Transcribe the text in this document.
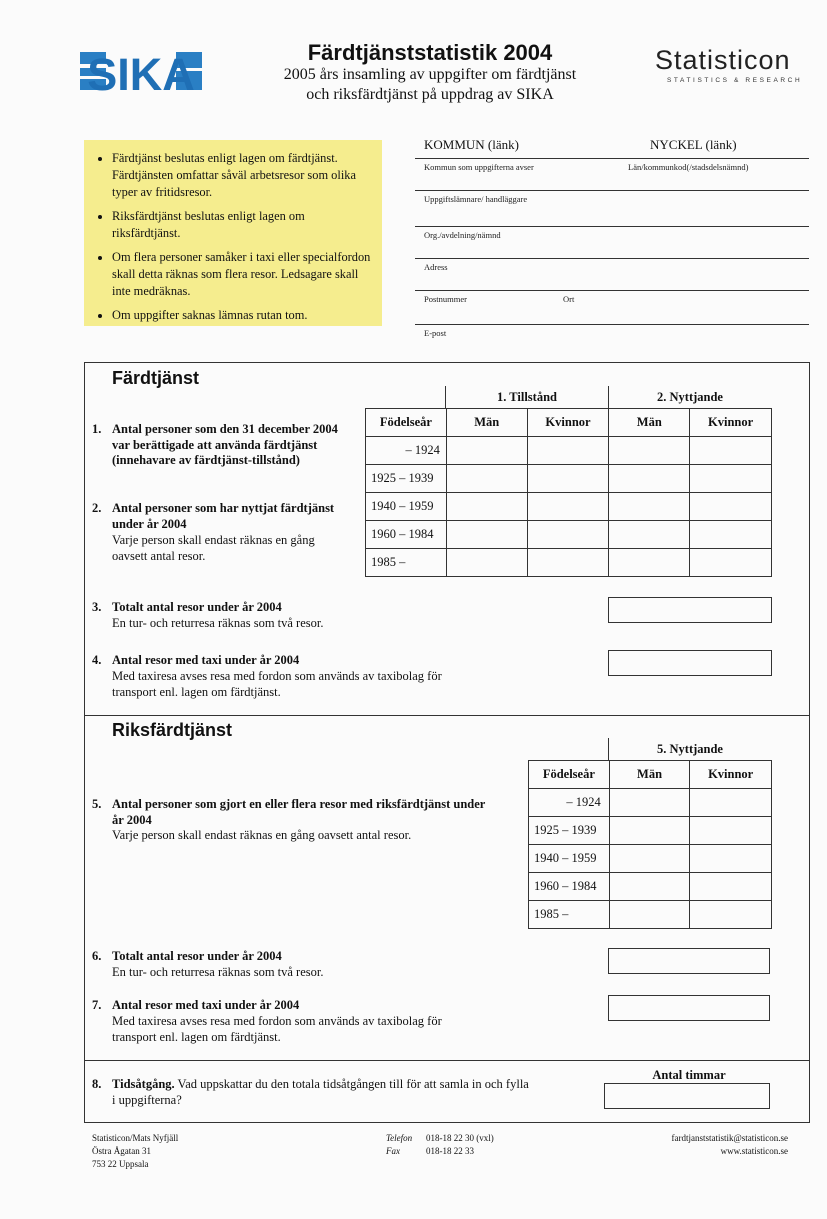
SIKA	Färdtjänststatistik 2004
2005 års insamling av uppgifter om färdtjänst
och riksfärdtjänst på uppdrag av SIKA
Statisticon
STATISTICS & RESEARCH
• Färdtjänst beslutas enligt lagen om färdtjänst. Färdtjänsten omfattar såväl arbetsresor som olika typer av fritidsresor.
• Riksfärdtjänst beslutas enligt lagen om riksfärdtjänst.
• Om flera personer samåker i taxi eller specialfordon skall detta räknas som flera resor. Ledsagare skall inte medräknas.
• Om uppgifter saknas lämnas rutan tom.
KOMMUN (länk)	NYCKEL (länk)
Kommun som uppgifterna avser	Län/kommunkod(/stadsdelsnämnd)
Uppgiftslämnare/ handläggare
Org./avdelning/nämnd
Adress
Postnummer	Ort
E-post
Färdtjänst
1. Tillstånd	2. Nyttjande
Födelseår	Män	Kvinnor	Män	Kvinnor
– 1924				
1925 – 1939				
1940 – 1959				
1960 – 1984				
1985 –				
1. Antal personer som den 31 december 2004 var berättigade att använda färdtjänst (innehavare av färdtjänst-tillstånd)
2. Antal personer som har nyttjat färdtjänst under år 2004
Varje person skall endast räknas en gång oavsett antal resor.
3. Totalt antal resor under år 2004
En tur- och returresa räknas som två resor.
4. Antal resor med taxi under år 2004
Med taxiresa avses resa med fordon som används av taxibolag för transport enl. lagen om färdtjänst.
Riksfärdtjänst
5. Nyttjande
Födelseår	Män	Kvinnor
– 1924		
1925 – 1939		
1940 – 1959		
1960 – 1984		
1985 –		
5. Antal personer som gjort en eller flera resor med riksfärdtjänst under år 2004
Varje person skall endast räknas en gång oavsett antal resor.
6. Totalt antal resor under år 2004
En tur- och returresa räknas som två resor.
7. Antal resor med taxi under år 2004
Med taxiresa avses resa med fordon som används av taxibolag för transport enl. lagen om färdtjänst.
8. Tidsåtgång. Vad uppskattar du den totala tidsåtgången till för att samla in och fylla i uppgifterna?
Antal timmar
Statisticon/Mats Nyfjäll
Östra Ågatan 31
753 22 Uppsala
Telefon 018-18 22 30 (vxl)
Fax	018-18 22 33
fardtjanststatistik@statisticon.se
www.statisticon.se
